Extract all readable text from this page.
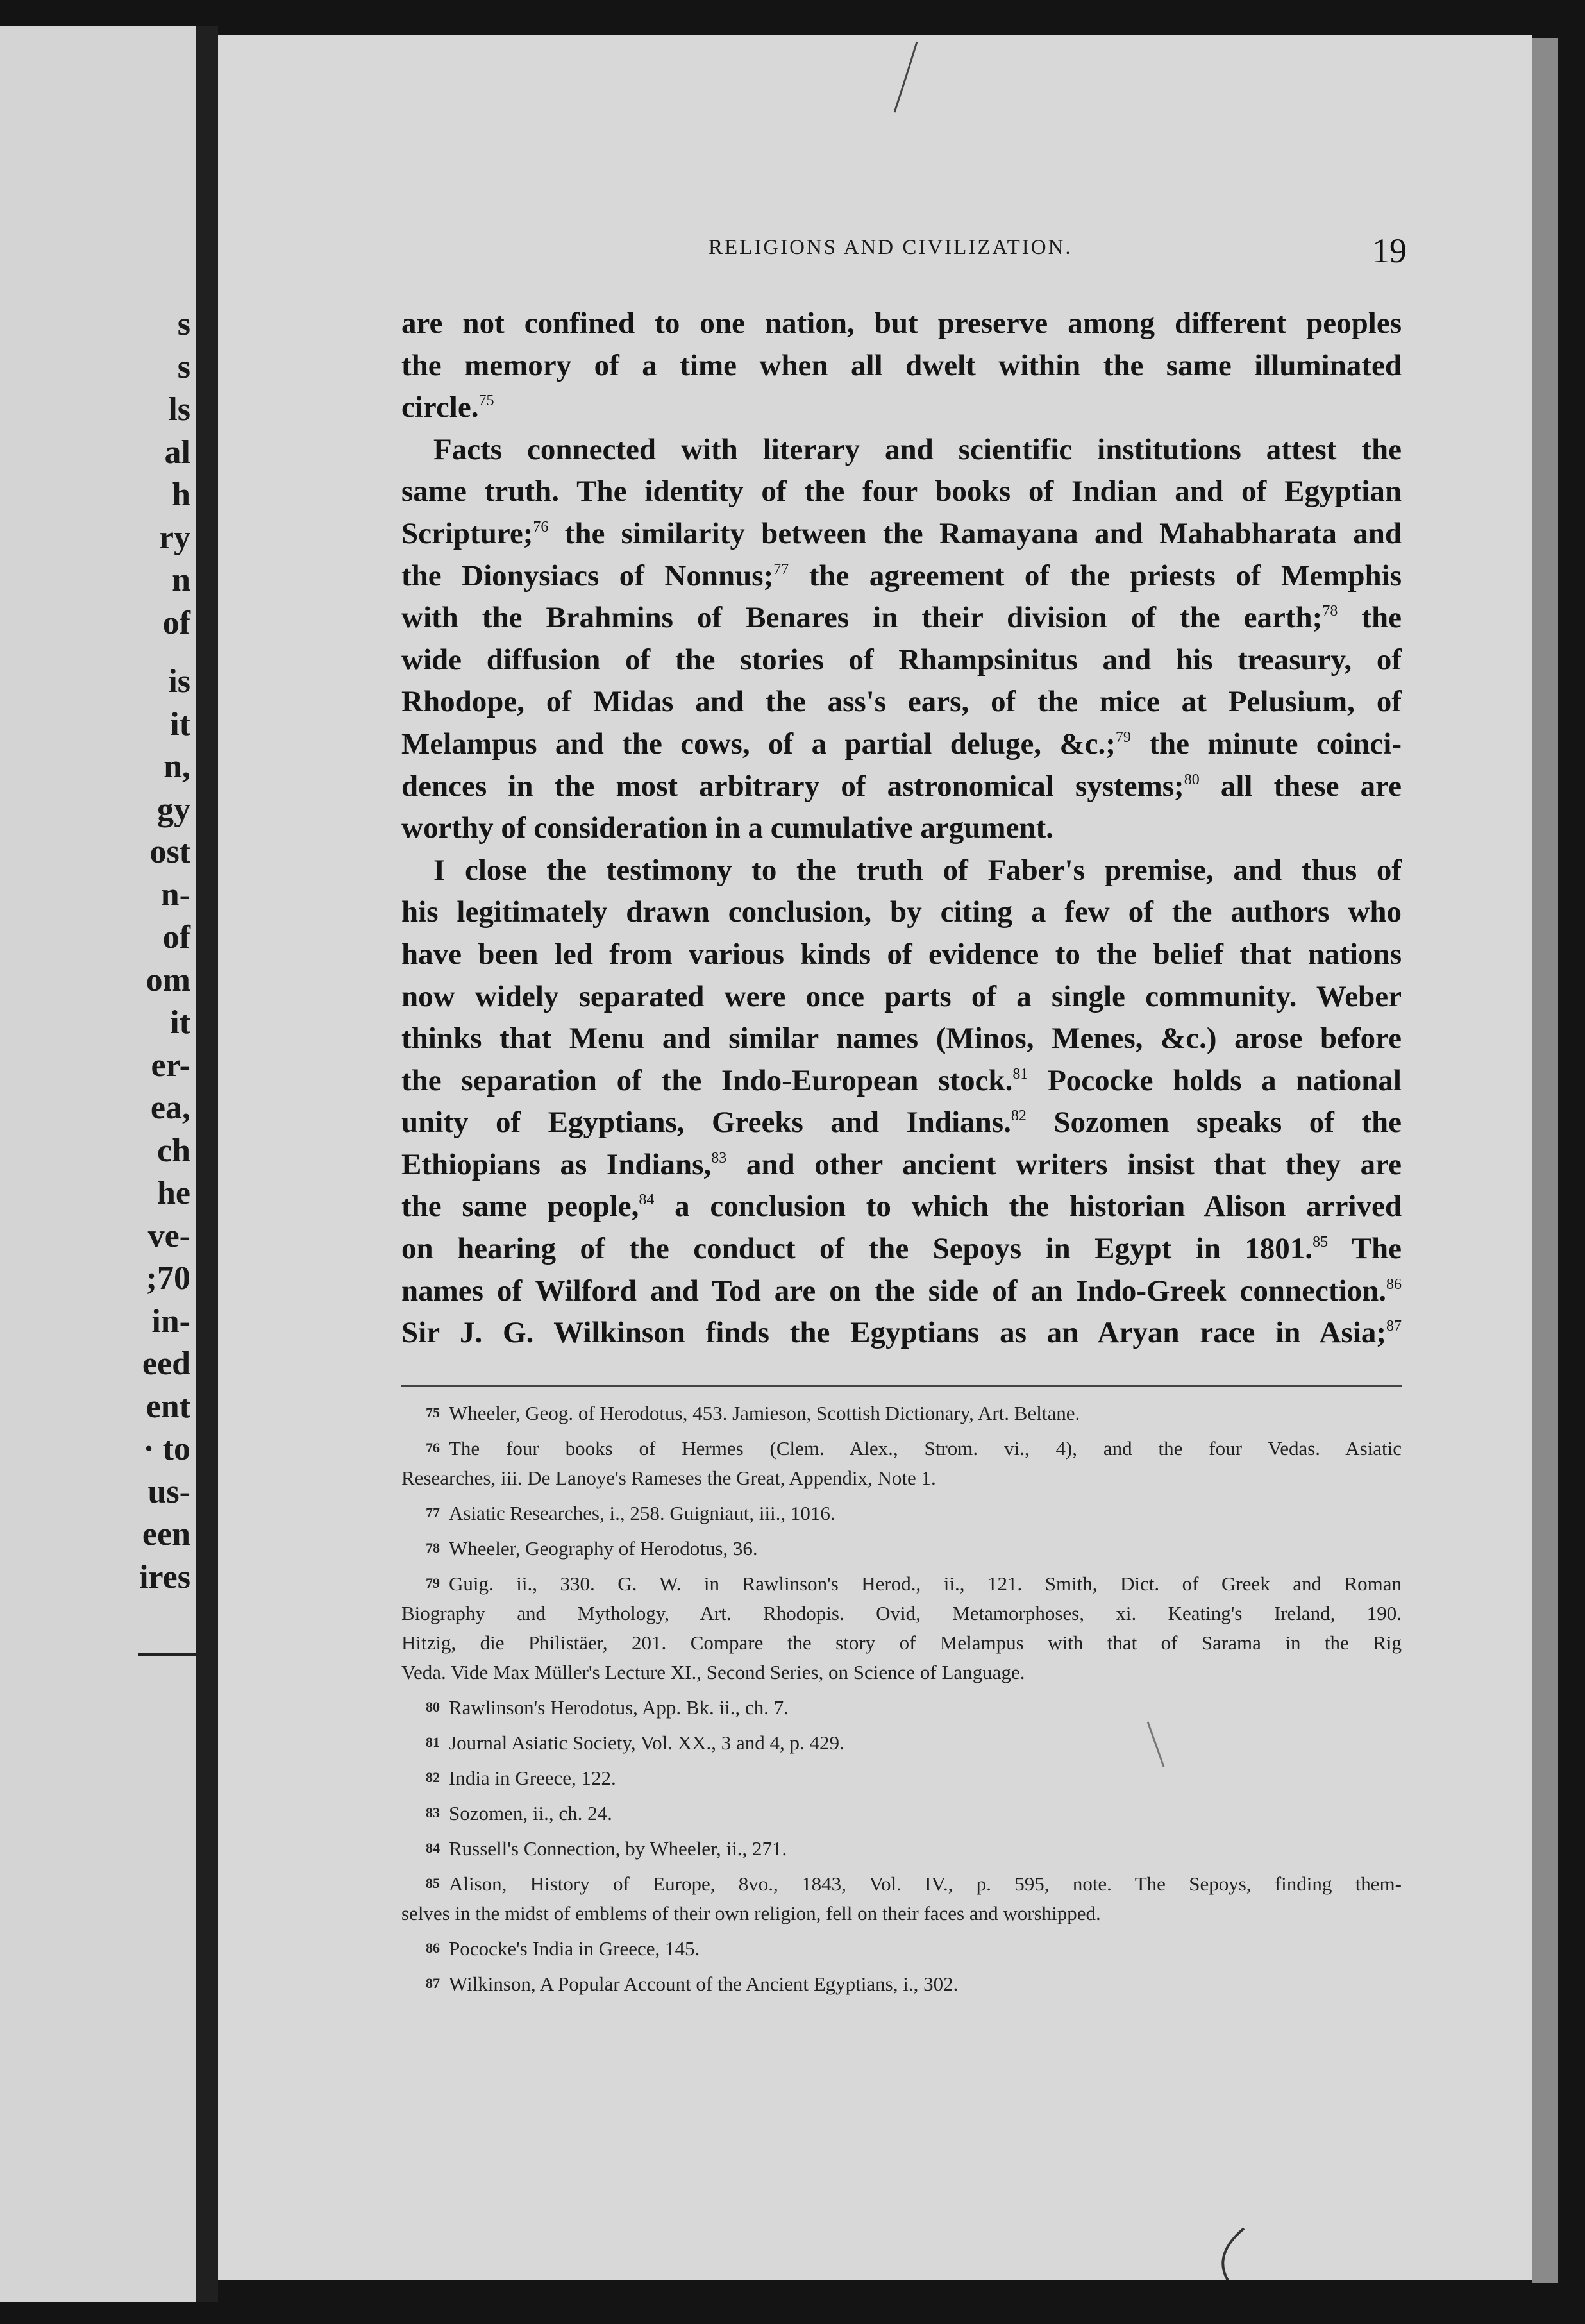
s
s
ls
al
h
ry
n
of
is
it
n,
gy
ost
n-
of
om
it
er-
ea,
ch
he
ve-
;70
in-
eed
ent
· to
us-
een
ires
RELIGIONS AND CIVILIZATION.	19

are not confined to one nation, but preserve among different peoples
the memory of a time when all dwelt within the same illuminated
circle.$^{75}$

Facts connected with literary and scientific institutions attest the
same truth. The identity of the four books of Indian and of Egyptian
Scripture;$^{76}$ the similarity between the Ramayana and Mahabharata and
the Dionysiacs of Nonnus;$^{77}$ the agreement of the priests of Memphis
with the Brahmins of Benares in their division of the earth;$^{78}$ the
wide diffusion of the stories of Rhampsinitus and his treasury, of
Rhodope, of Midas and the ass's ears, of the mice at Pelusium, of
Melampus and the cows, of a partial deluge, &c.;$^{79}$ the minute coinci-
dences in the most arbitrary of astronomical systems;$^{80}$ all these are
worthy of consideration in a cumulative argument.

I close the testimony to the truth of Faber's premise, and thus of
his legitimately drawn conclusion, by citing a few of the authors who
have been led from various kinds of evidence to the belief that nations
now widely separated were once parts of a single community. Weber
thinks that Menu and similar names (Minos, Menes, &c.) arose before
the separation of the Indo-European stock.$^{81}$ Pococke holds a national
unity of Egyptians, Greeks and Indians.$^{82}$ Sozomen speaks of the
Ethiopians as Indians,$^{83}$ and other ancient writers insist that they are
the same people,$^{84}$ a conclusion to which the historian Alison arrived
on hearing of the conduct of the Sepoys in Egypt in 1801.85 The
names of Wilford and Tod are on the side of an Indo-Greek connection.$^{86}$
Sir J. G. Wilkinson finds the Egyptians as an Aryan race in Asia;$^{87}$

75 Wheeler, Geog. of Herodotus, 453. Jamieson, Scottish Dictionary, Art. Beltane.
76 The four books of Hermes (Clem. Alex., Strom. vi., 4), and the four Vedas. Asiatic
Researches, iii. De Lanoye's Rameses the Great, Appendix, Note 1.
77 Asiatic Researches, i., 258. Guigniaut, iii., 1016.
78 Wheeler, Geography of Herodotus, 36.
79 Guig. ii., 330. G. W. in Rawlinson's Herod., ii., 121. Smith, Dict. of Greek and Roman
Biography and Mythology, Art. Rhodopis. Ovid, Metamorphoses, xi. Keating's Ireland, 190.
Hitzig, die Philistäer, 201. Compare the story of Melampus with that of Sarama in the Rig
Veda. Vide Max Müller's Lecture XI., Second Series, on Science of Language.
80 Rawlinson's Herodotus, App. Bk. ii., ch. 7.
81 Journal Asiatic Society, Vol. XX., 3 and 4, p. 429.
82 India in Greece, 122.
83 Sozomen, ii., ch. 24.
84 Russell's Connection, by Wheeler, ii., 271.
85 Alison, History of Europe, 8vo., 1843, Vol. IV., p. 595, note. The Sepoys, finding them-
selves in the midst of emblems of their own religion, fell on their faces and worshipped.
86 Pococke's India in Greece, 145.
87 Wilkinson, A Popular Account of the Ancient Egyptians, i., 302.
